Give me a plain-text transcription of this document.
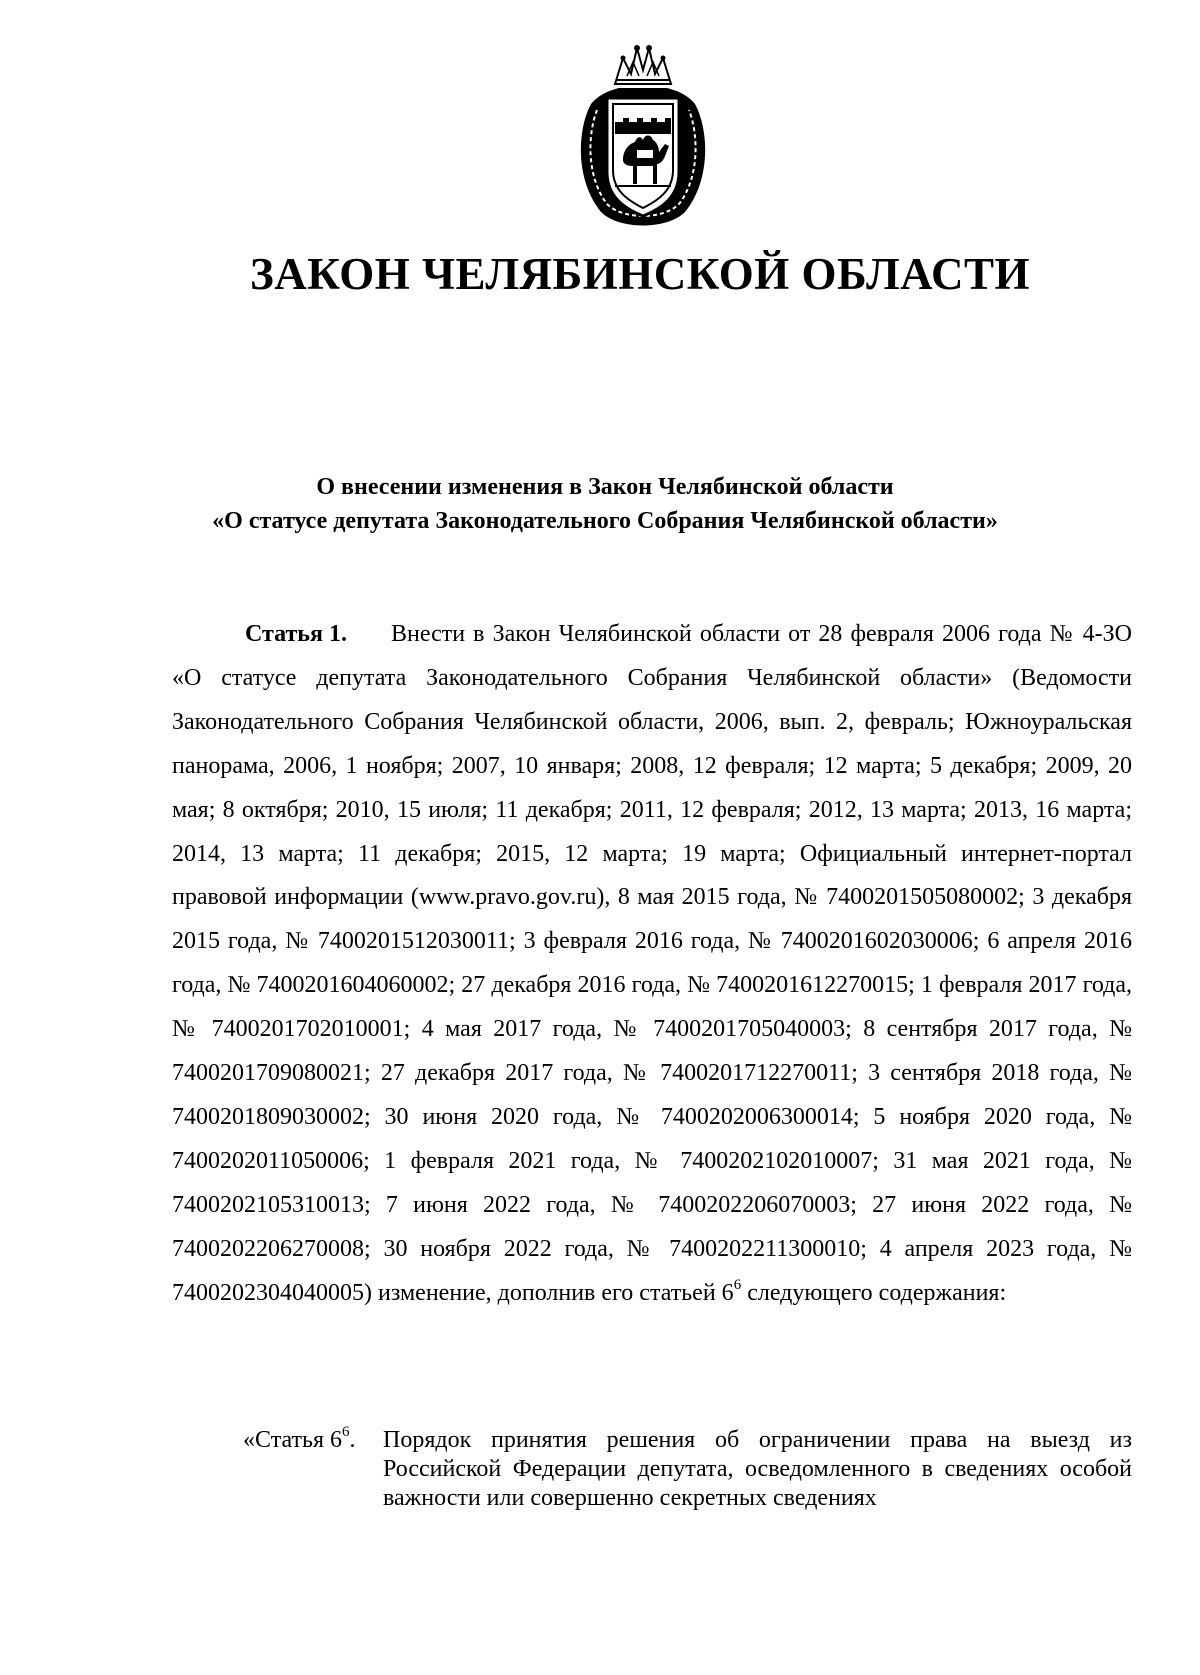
ЗАКОН ЧЕЛЯБИНСКОЙ ОБЛАСТИ
О внесении изменения в Закон Челябинской области
«О статусе депутата Законодательного Собрания Челябинской области»

Статья 1. Внести в Закон Челябинской области от 28 февраля 2006 года № 4-ЗО «О статусе депутата Законодательного Собрания Челябинской области» (Ведомости Законодательного Собрания Челябинской области, 2006, вып. 2, февраль; Южноуральская панорама, 2006, 1 ноября; 2007, 10 января; 2008, 12 февраля; 12 марта; 5 декабря; 2009, 20 мая; 8 октября; 2010, 15 июля; 11 декабря; 2011, 12 февраля; 2012, 13 марта; 2013, 16 марта; 2014, 13 марта; 11 декабря; 2015, 12 марта; 19 марта; Официальный интернет-портал правовой информации (www.pravo.gov.ru), 8 мая 2015 года, № 7400201505080002; 3 декабря 2015 года, № 7400201512030011; 3 февраля 2016 года, № 7400201602030006; 6 апреля 2016 года, № 7400201604060002; 27 декабря 2016 года, № 7400201612270015; 1 февраля 2017 года, № 7400201702010001; 4 мая 2017 года, № 7400201705040003; 8 сентября 2017 года, № 7400201709080021; 27 декабря 2017 года, № 7400201712270011; 3 сентября 2018 года, № 7400201809030002; 30 июня 2020 года, № 7400202006300014; 5 ноября 2020 года, № 7400202011050006; 1 февраля 2021 года, № 7400202102010007; 31 мая 2021 года, № 7400202105310013; 7 июня 2022 года, № 7400202206070003; 27 июня 2022 года, № 7400202206270008; 30 ноября 2022 года, № 7400202211300010; 4 апреля 2023 года, № 7400202304040005) изменение, дополнив его статьей $6^6$ следующего содержания:

«Статья $6^6$. Порядок принятия решения об ограничении права на выезд из Российской Федерации депутата, осведомленного в сведениях особой важности или совершенно секретных сведениях
